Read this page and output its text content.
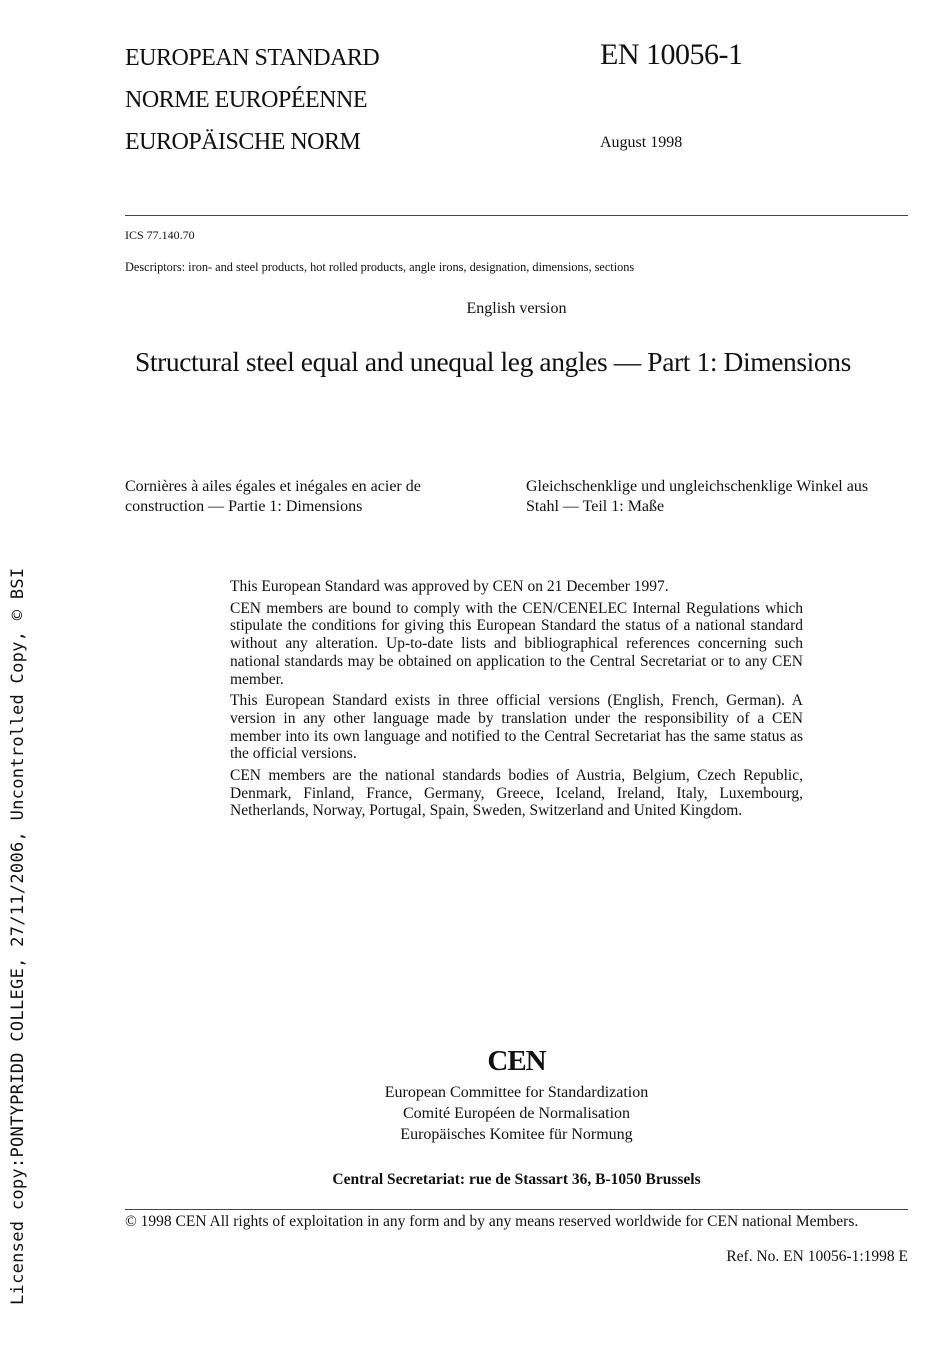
Licensed copy:PONTYPRIDD COLLEGE, 27/11/2006, Uncontrolled Copy, © BSI
EUROPEAN STANDARD
NORME EUROPÉENNE
EUROPÄISCHE NORM
EN 10056-1
August 1998
ICS 77.140.70
Descriptors: iron- and steel products, hot rolled products, angle irons, designation, dimensions, sections
English version
Structural steel equal and unequal leg angles — Part 1: Dimensions
Cornières à ailes égales et inégales en acier de construction — Partie 1: Dimensions
Gleichschenklige und ungleichschenklige Winkel aus Stahl — Teil 1: Maße

This European Standard was approved by CEN on 21 December 1997.

CEN members are bound to comply with the CEN/CENELEC Internal Regulations which stipulate the conditions for giving this European Standard the status of a national standard without any alteration. Up-to-date lists and bibliographical references concerning such national standards may be obtained on application to the Central Secretariat or to any CEN member.

This European Standard exists in three official versions (English, French, German). A version in any other language made by translation under the responsibility of a CEN member into its own language and notified to the Central Secretariat has the same status as the official versions.

CEN members are the national standards bodies of Austria, Belgium, Czech Republic, Denmark, Finland, France, Germany, Greece, Iceland, Ireland, Italy, Luxembourg, Netherlands, Norway, Portugal, Spain, Sweden, Switzerland and United Kingdom.

CEN
European Committee for Standardization
Comité Européen de Normalisation
Europäisches Komitee für Normung
Central Secretariat: rue de Stassart 36, B-1050 Brussels
© 1998 CEN All rights of exploitation in any form and by any means reserved worldwide for CEN national Members.
Ref. No. EN 10056-1:1998 E
